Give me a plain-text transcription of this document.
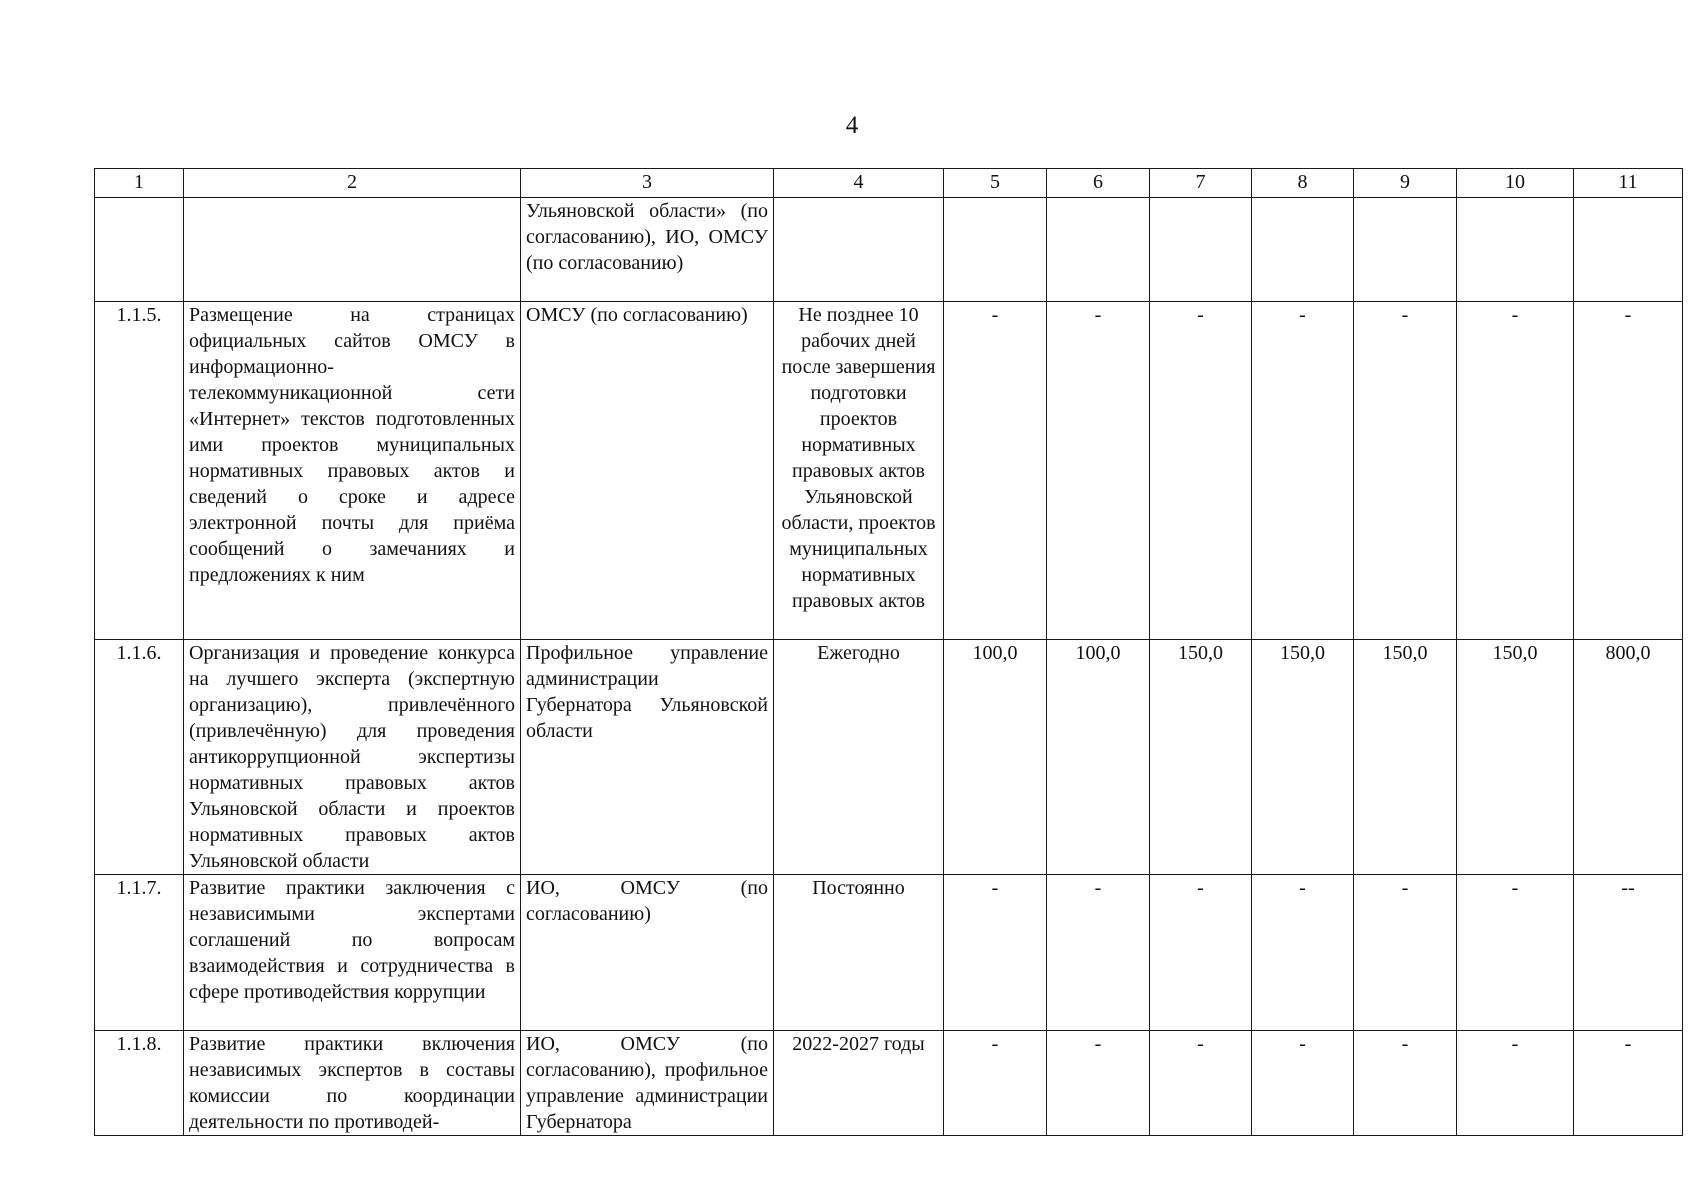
4
1	2	3	4	5	6	7	8	9	10	11
		Ульяновской области» (по согласованию), ИО, ОМСУ (по согласованию)								
1.1.5.	Размещение на страницах официальных сайтов ОМСУ в информационно-телекоммуникационной сети «Интернет» текстов подготовленных ими проектов муниципальных нормативных правовых актов и сведений о сроке и адресе электронной почты для приёма сообщений о замечаниях и предложениях к ним	ОМСУ (по согласованию)	Не позднее 10 рабочих дней после завершения подготовки проектов нормативных правовых актов Ульяновской области, проектов муниципальных нормативных правовых актов	-	-	-	-	-	-	-
1.1.6.	Организация и проведение конкурса на лучшего эксперта (экспертную организацию), привлечённого (привлечённую) для проведения антикоррупционной экспертизы нормативных правовых актов Ульяновской области и проектов нормативных правовых актов Ульяновской области	Профильное управление администрации Губернатора Ульяновской области	Ежегодно	100,0	100,0	150,0	150,0	150,0	150,0	800,0
1.1.7.	Развитие практики заключения с независимыми экспертами соглашений по вопросам взаимодействия и сотрудничества в сфере противодействия коррупции	ИО, ОМСУ (по согласованию)	Постоянно	-	-	-	-	-	-	--
1.1.8.	Развитие практики включения независимых экспертов в составы комиссии по координации деятельности по противодей-	ИО, ОМСУ (по согласованию), профильное управление администрации Губернатора	2022-2027 годы	-	-	-	-	-	-	-
